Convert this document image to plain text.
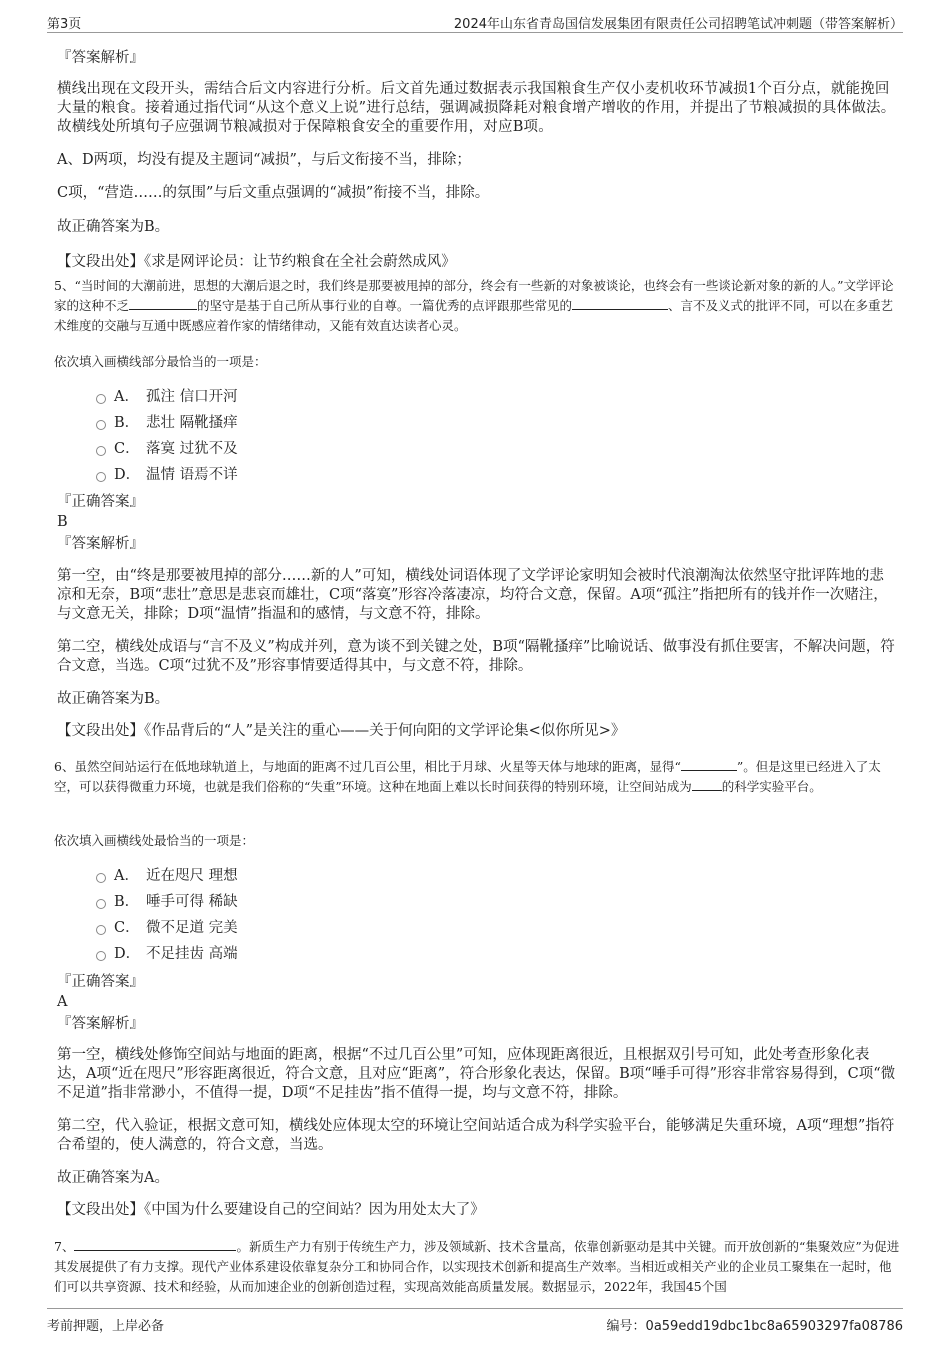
第3页	2024年山东省青岛国信发展集团有限责任公司招聘笔试冲刺题（带答案解析）

『答案解析』

横线出现在文段开头，需结合后文内容进行分析。后文首先通过数据表示我国粮食生产仅小麦机收环节减损1个百分点，就能挽回大量的粮食。接着通过指代词“从这个意义上说”进行总结，强调减损降耗对粮食增产增收的作用，并提出了节粮减损的具体做法。故横线处所填句子应强调节粮减损对于保障粮食安全的重要作用，对应B项。

A、D两项，均没有提及主题词“减损”，与后文衔接不当，排除；

C项，“营造……的氛围”与后文重点强调的“减损”衔接不当，排除。

故正确答案为B。

【文段出处】《求是网评论员：让节约粮食在全社会蔚然成风》

5、“当时间的大潮前进，思想的大潮后退之时，我们终是那要被甩掉的部分，终会有一些新的对象被谈论，也终会有一些谈论新对象的新的人。”文学评论家的这种不乏	的坚守是基于自己所从事行业的自尊。一篇优秀的点评跟那些常见的	、言不及义式的批评不同，可以在多重艺术维度的交融与互通中既感应着作家的情绪律动，又能有效直达读者心灵。

依次填入画横线部分最恰当的一项是：

A． 孤注 信口开河
B． 悲壮 隔靴搔痒
C． 落寞 过犹不及
D． 温情 语焉不详

『正确答案』

B

『答案解析』

第一空，由“终是那要被甩掉的部分……新的人”可知，横线处词语体现了文学评论家明知会被时代浪潮淘汰依然坚守批评阵地的悲凉和无奈，B项“悲壮”意思是悲哀而雄壮，C项“落寞”形容冷落凄凉，均符合文意，保留。A项“孤注”指把所有的钱并作一次赌注，与文意无关，排除；D项“温情”指温和的感情，与文意不符，排除。

第二空，横线处成语与“言不及义”构成并列，意为谈不到关键之处，B项“隔靴搔痒”比喻说话、做事没有抓住要害，不解决问题，符合文意，当选。C项“过犹不及”形容事情要适得其中，与文意不符，排除。

故正确答案为B。

【文段出处】《作品背后的“人”是关注的重心——关于何向阳的文学评论集<似你所见>》

6、虽然空间站运行在低地球轨道上，与地面的距离不过几百公里，相比于月球、火星等天体与地球的距离，显得“	”。但是这里已经进入了太空，可以获得微重力环境，也就是我们俗称的“失重”环境。这种在地面上难以长时间获得的特别环境，让空间站成为 的科学实验平台。

依次填入画横线处最恰当的一项是：

A． 近在咫尺 理想
B． 唾手可得 稀缺
C． 微不足道 完美
D． 不足挂齿 高端

『正确答案』

A

『答案解析』

第一空，横线处修饰空间站与地面的距离，根据“不过几百公里”可知，应体现距离很近，且根据双引号可知，此处考查形象化表达，A项“近在咫尺”形容距离很近，符合文意，且对应“距离”，符合形象化表达，保留。B项“唾手可得”形容非常容易得到，C项“微不足道”指非常渺小，不值得一提，D项“不足挂齿”指不值得一提，均与文意不符，排除。

第二空，代入验证，根据文意可知，横线处应体现太空的环境让空间站适合成为科学实验平台，能够满足失重环境，A项“理想”指符合希望的，使人满意的，符合文意，当选。

故正确答案为A。

【文段出处】《中国为什么要建设自己的空间站？因为用处太大了》

7、	。新质生产力有别于传统生产力，涉及领域新、技术含量高，依靠创新驱动是其中关键。而开放创新的“集聚效应”为促进其发展提供了有力支撑。现代产业体系建设依靠复杂分工和协同合作，以实现技术创新和提高生产效率。当相近或相关产业的企业员工聚集在一起时，他们可以共享资源、技术和经验，从而加速企业的创新创造过程，实现高效能高质量发展。数据显示，2022年，我国45个国

考前押题，上岸必备	编号：0a59edd19dbc1bc8a65903297fa08786
